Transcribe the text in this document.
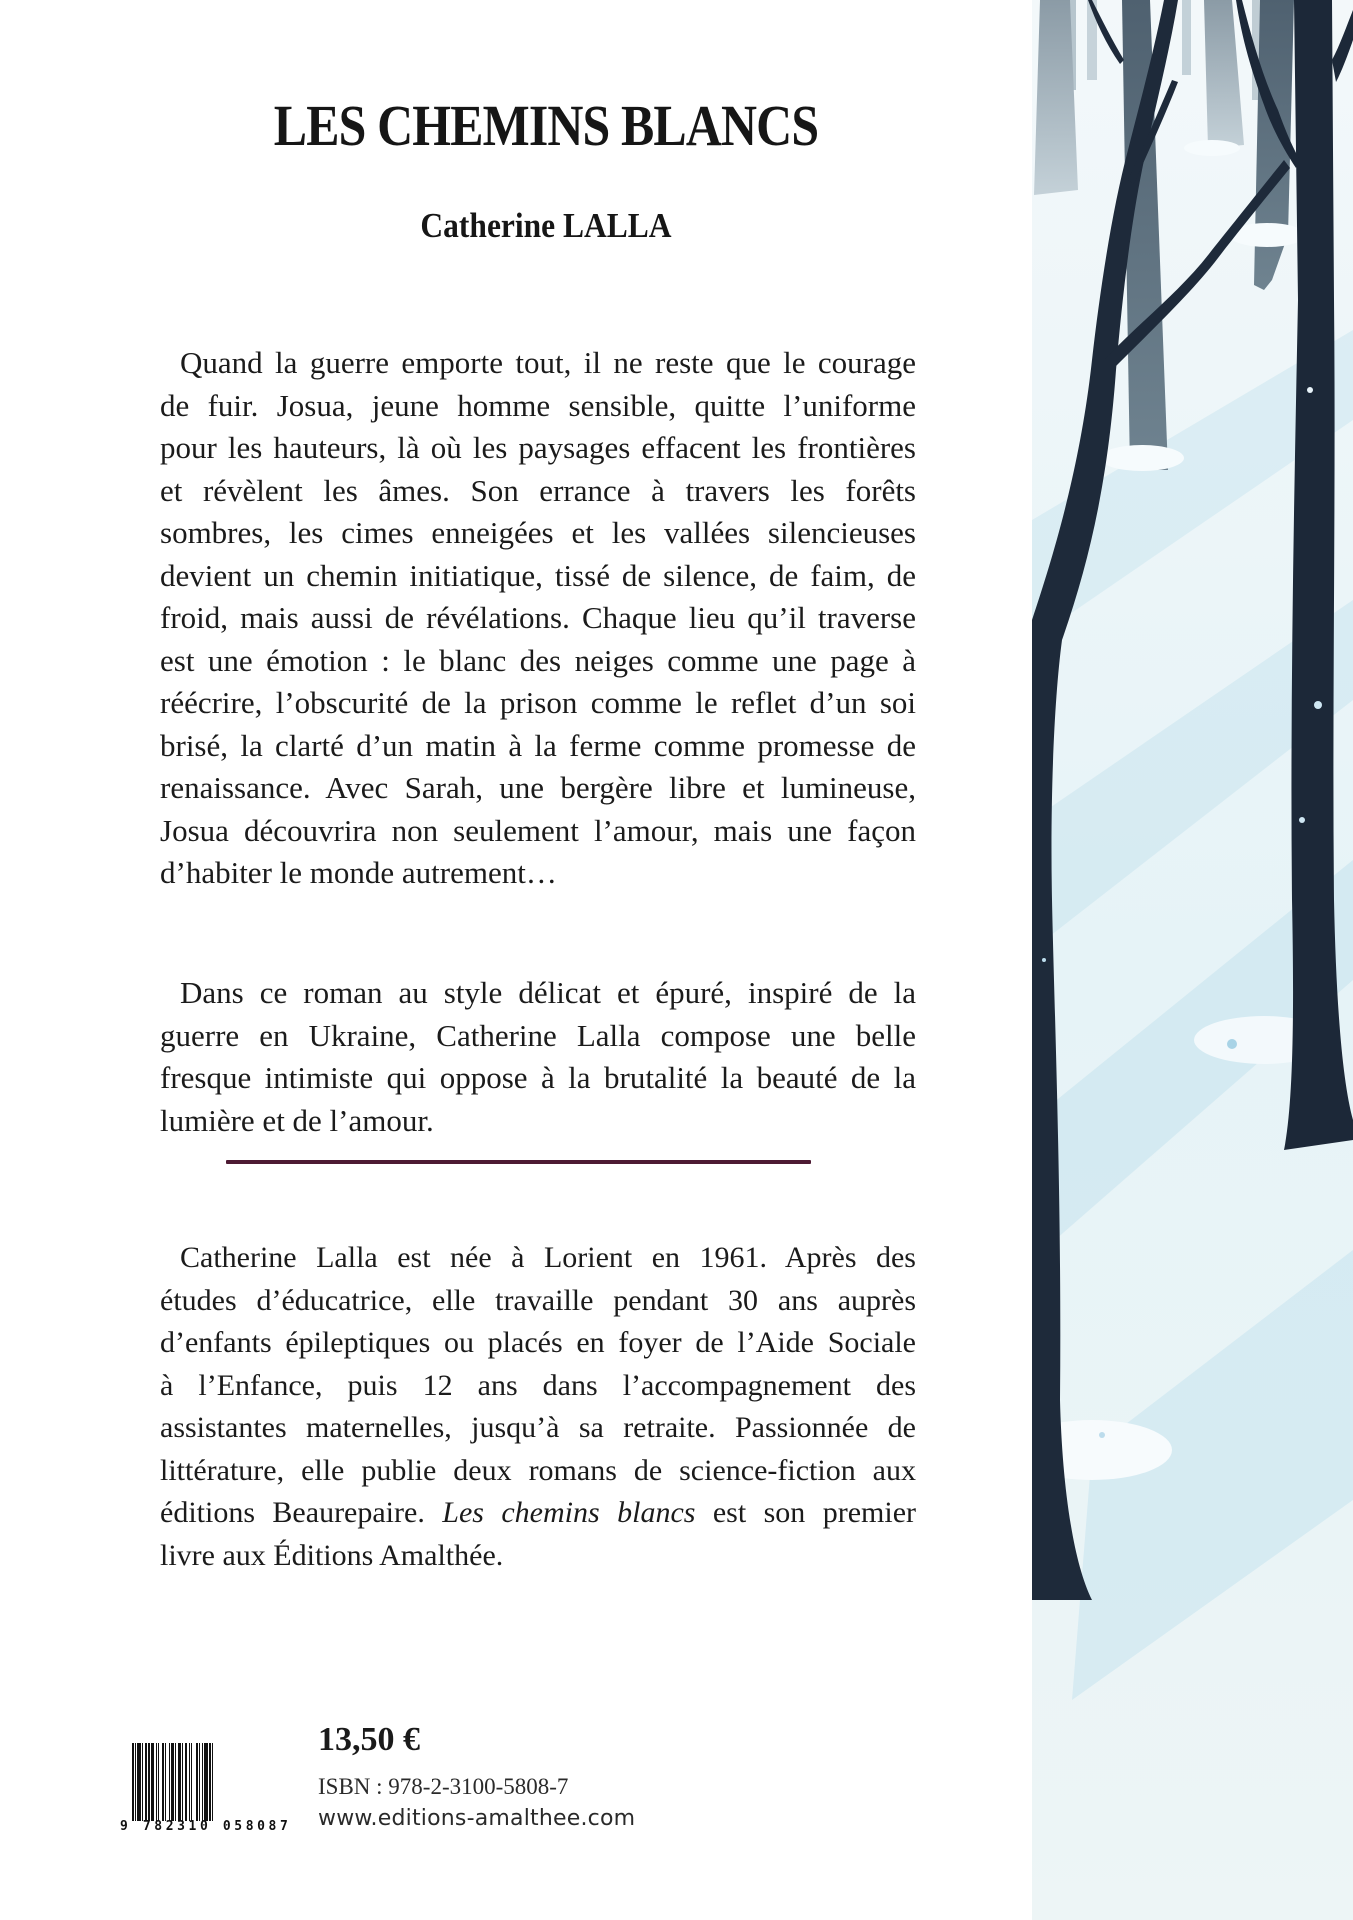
LES CHEMINS BLANCS
Catherine LALLA
Quand la guerre emporte tout, il ne reste que le courage
de fuir. Josua, jeune homme sensible, quitte l’uniforme
pour les hauteurs, là où les paysages effacent les frontières
et révèlent les âmes. Son errance à travers les forêts
sombres, les cimes enneigées et les vallées silencieuses
devient un chemin initiatique, tissé de silence, de faim, de
froid, mais aussi de révélations. Chaque lieu qu’il traverse
est une émotion : le blanc des neiges comme une page à
réécrire, l’obscurité de la prison comme le reflet d’un soi
brisé, la clarté d’un matin à la ferme comme promesse de
renaissance. Avec Sarah, une bergère libre et lumineuse,
Josua découvrira non seulement l’amour, mais une façon
d’habiter le monde autrement…
Dans ce roman au style délicat et épuré, inspiré de la
guerre en Ukraine, Catherine Lalla compose une belle
fresque intimiste qui oppose à la brutalité la beauté de la
lumière et de l’amour.
Catherine Lalla est née à Lorient en 1961. Après des
études d’éducatrice, elle travaille pendant 30 ans auprès
d’enfants épileptiques ou placés en foyer de l’Aide Sociale
à l’Enfance, puis 12 ans dans l’accompagnement des
assistantes maternelles, jusqu’à sa retraite. Passionnée de
littérature, elle publie deux romans de science-fiction aux
éditions Beaurepaire. Les chemins blancs est son premier
livre aux Éditions Amalthée.
9 782310 058087
13,50 €
ISBN : 978-2-3100-5808-7
www.editions-amalthee.com
